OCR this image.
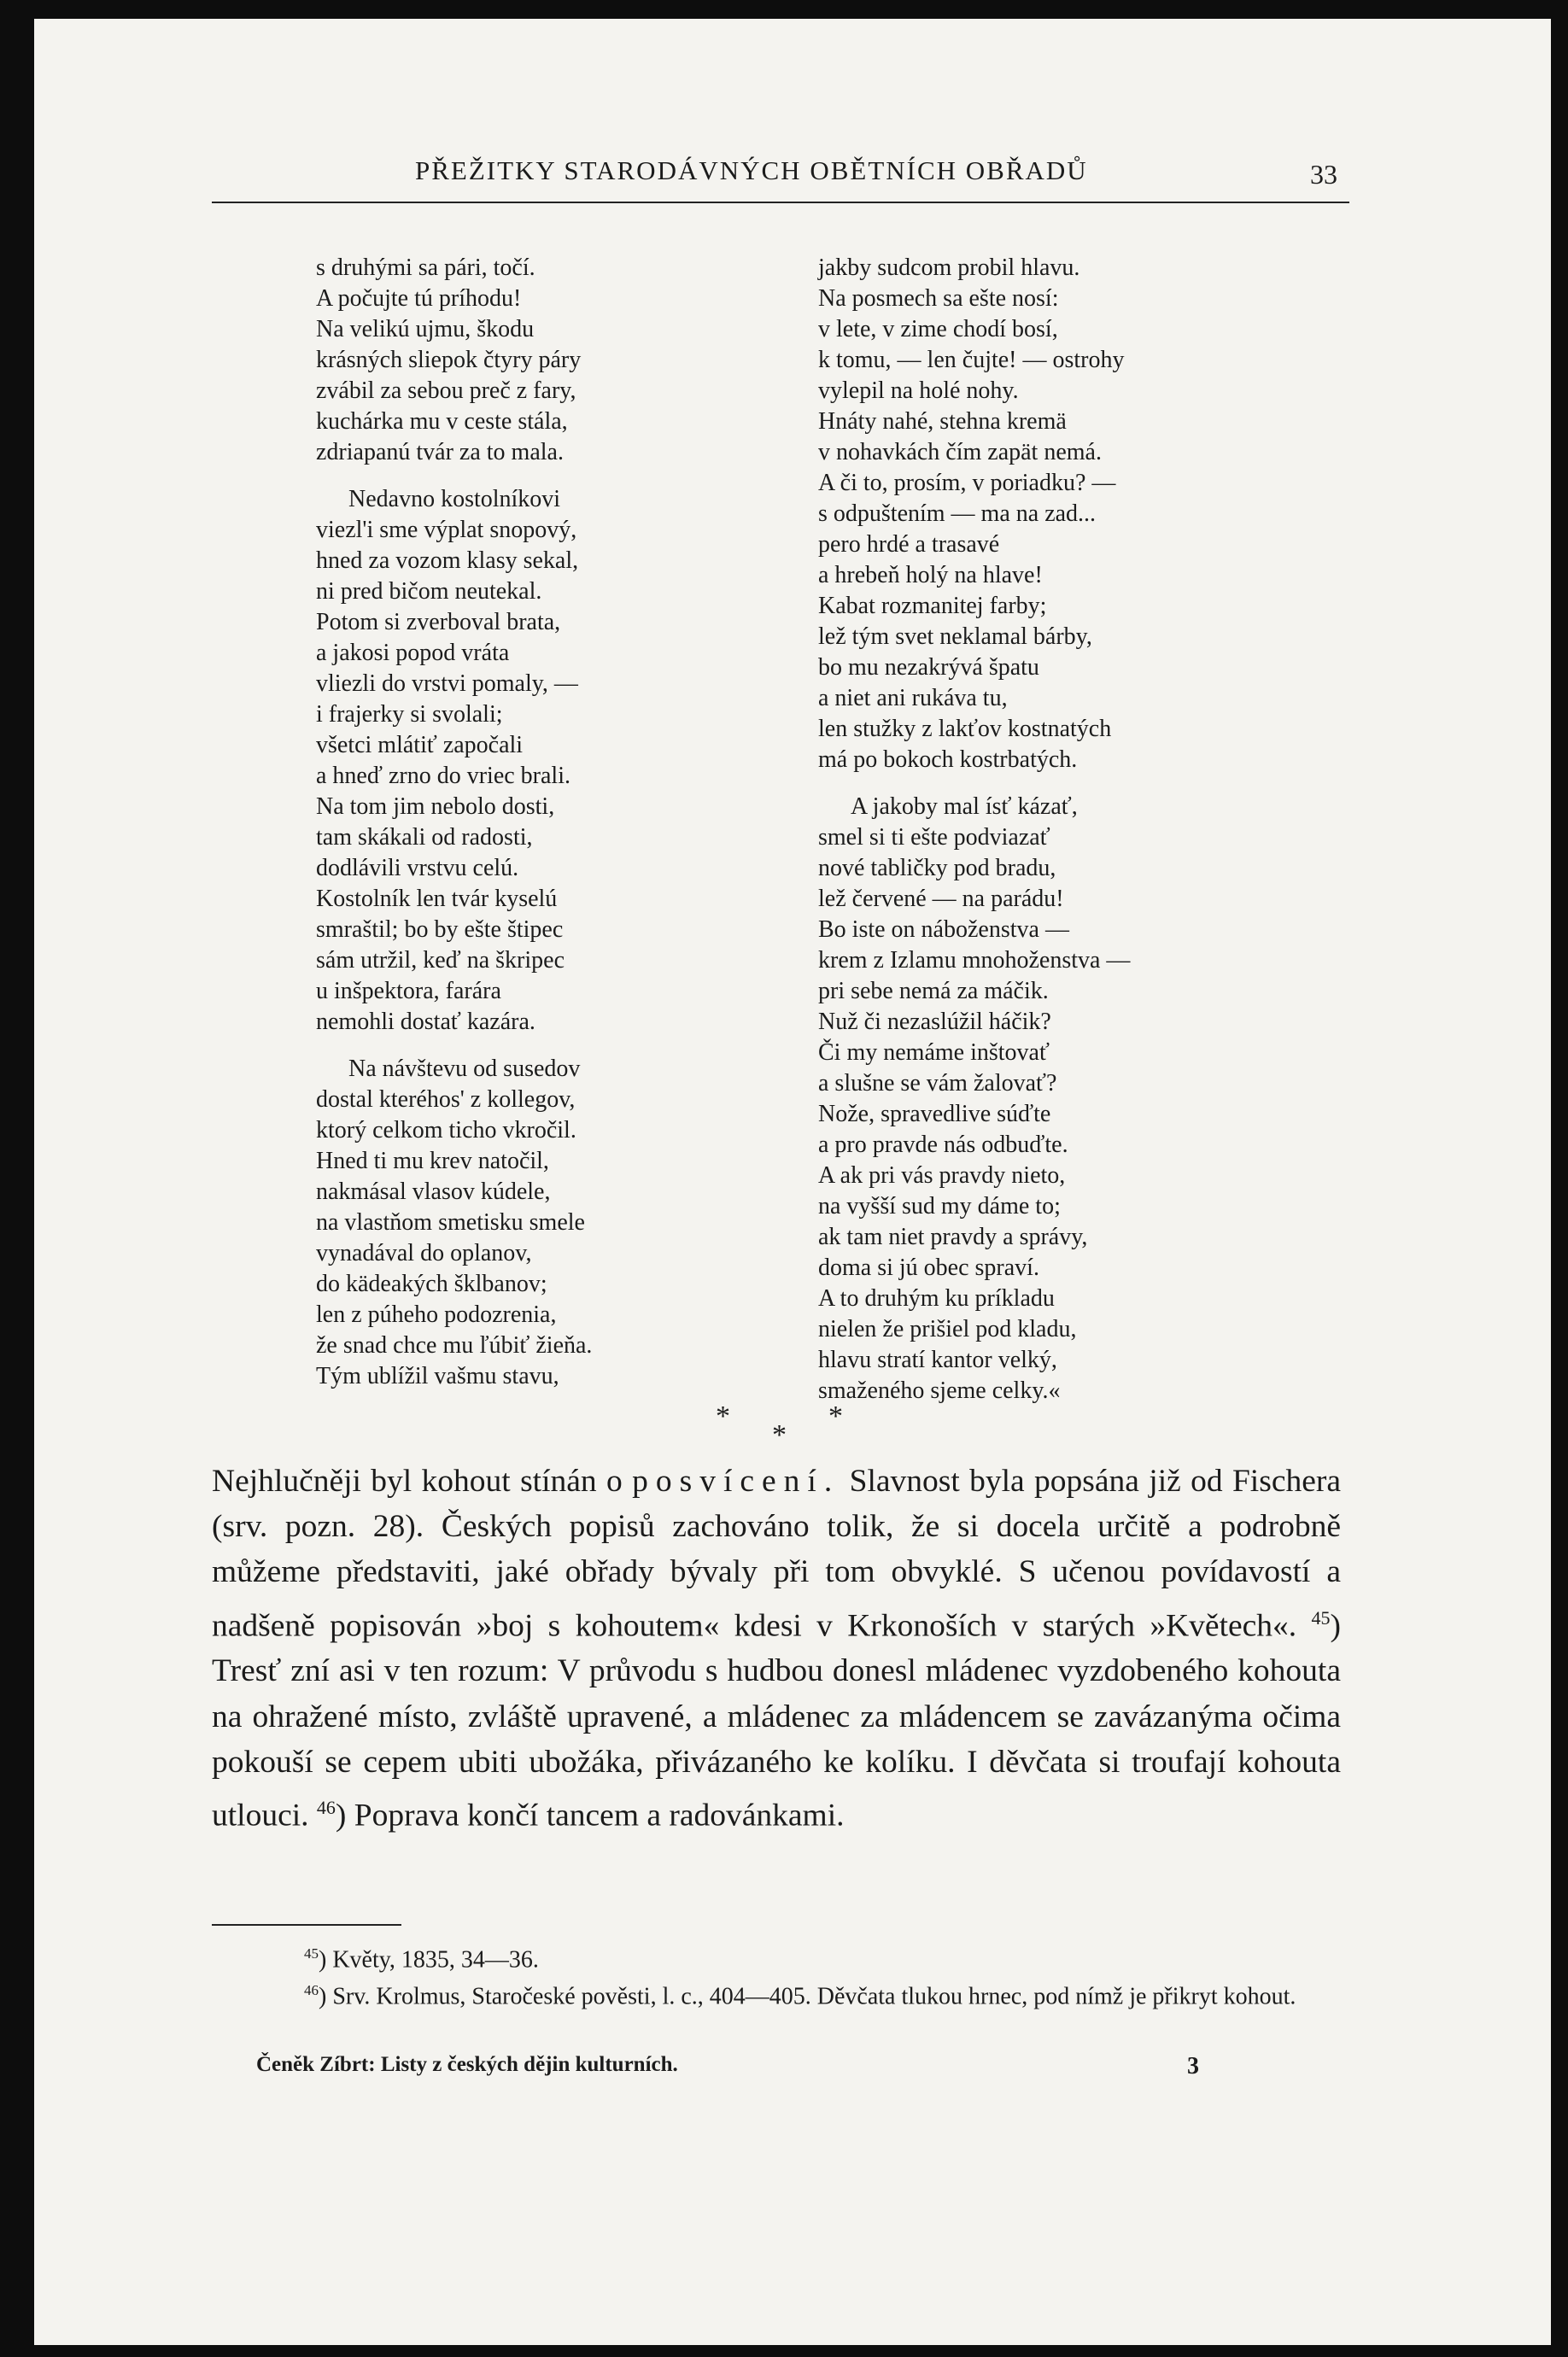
PŘEŽITKY STARODÁVNÝCH OBĚTNÍCH OBŘADŮ	33
s druhými sa pári, točí.
A počujte tú príhodu!
Na velikú ujmu, škodu
krásných sliepok čtyry páry
zvábil za sebou preč z fary,
kuchárka mu v ceste stála,
zdriapanú tvár za to mala.
Nedavno kostolníkovi
viezl'i sme výplat snopový,
hned za vozom klasy sekal,
ni pred bičom neutekal.
Potom si zverboval brata,
a jakosi popod vráta
vliezli do vrstvi pomaly, —
i frajerky si svolali;
všetci mlátiť započali
a hneď zrno do vriec brali.
Na tom jim nebolo dosti,
tam skákali od radosti,
dodlávili vrstvu celú.
Kostolník len tvár kyselú
smraštil; bo by ešte štipec
sám utržil, keď na škripec
u inšpektora, farára
nemohli dostať kazára.
Na návštevu od susedov
dostal kteréhos' z kollegov,
ktorý celkom ticho vkročil.
Hned ti mu krev natočil,
nakmásal vlasov kúdele,
na vlastňom smetisku smele
vynadával do oplanov,
do kädeakých šklbanov;
len z púheho podozrenia,
že snad chce mu ľúbiť žieňa.
Tým ublížil vašmu stavu,
jakby sudcom probil hlavu.
Na posmech sa ešte nosí:
v lete, v zime chodí bosí,
k tomu, — len čujte! — ostrohy
vylepil na holé nohy.
Hnáty nahé, stehna kremä
v nohavkách čím zapät nemá.
A či to, prosím, v poriadku? —
s odpuštením — ma na zad...
pero hrdé a trasavé
a hrebeň holý na hlave!
Kabat rozmanitej farby;
lež tým svet neklamal bárby,
bo mu nezakrývá špatu
a niet ani rukáva tu,
len stužky z lakťov kostnatých
má po bokoch kostrbatých.
A jakoby mal ísť kázať,
smel si ti ešte podviazať
nové tabličky pod bradu,
lež červené — na parádu!
Bo iste on náboženstva —
krem z Izlamu mnohoženstva —
pri sebe nemá za máčik.
Nuž či nezaslúžil háčik?
Či my nemáme inštovať
a slušne se vám žalovať?
Nože, spravedlive súďte
a pro pravde nás odbuďte.
A ak pri vás pravdy nieto,
na vyšší sud my dáme to;
ak tam niet pravdy a správy,
doma si jú obec spraví.
A to druhým ku príkladu
nielen že prišiel pod kladu,
hlavu stratí kantor velký,
smaženého sjeme celky.«
*
*
*
Nejhlučněji byl kohout stínán o posvícení. Slavnost byla popsána již od Fischera (srv. pozn. 28). Českých popisů zachováno tolik, že si docela určitě a podrobně můžeme představiti, jaké obřady bývaly při tom obvyklé. S učenou povídavostí a nadšeně popisován »boj s kohoutem« kdesi v Krkonoších v starých »Květech«. $^{45}$) Tresť zní asi v ten rozum: V průvodu s hudbou donesl mládenec vyzdobeného kohouta na ohražené místo, zvláště upravené, a mládenec za mládencem se zavázanýma očima pokouší se cepem ubiti ubožáka, přivázaného ke kolíku. I děvčata si troufají kohouta utlouci. $^{46}$) Poprava končí tancem a radovánkami.
$^{45}$) Květy, 1835, 34—36.
$^{46}$) Srv. Krolmus, Staročeské pověsti, l. c., 404—405. Děvčata tlukou hrnec, pod nímž je přikryt kohout.
Čeněk Zíbrt: Listy z českých dějin kulturních.	3
